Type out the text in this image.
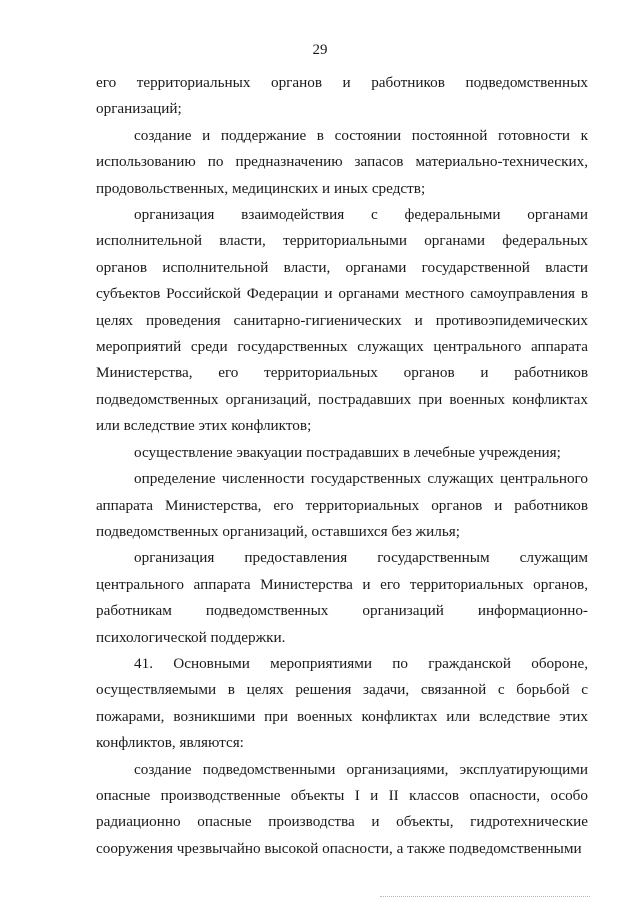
29

его территориальных органов и работников подведомственных организаций;

создание и поддержание в состоянии постоянной готовности к использованию по предназначению запасов материально-технических, продовольственных, медицинских и иных средств;

организация взаимодействия с федеральными органами исполнительной власти, территориальными органами федеральных органов исполнительной власти, органами государственной власти субъектов Российской Федерации и органами местного самоуправления в целях проведения санитарно-гигиенических и противоэпидемических мероприятий среди государственных служащих центрального аппарата Министерства, его территориальных органов и работников подведомственных организаций, пострадавших при военных конфликтах или вследствие этих конфликтов;

осуществление эвакуации пострадавших в лечебные учреждения;

определение численности государственных служащих центрального аппарата Министерства, его территориальных органов и работников подведомственных организаций, оставшихся без жилья;

организация предоставления государственным служащим центрального аппарата Министерства и его территориальных органов, работникам подведомственных организаций информационно-психологической поддержки.

41. Основными мероприятиями по гражданской обороне, осуществляемыми в целях решения задачи, связанной с борьбой с пожарами, возникшими при военных конфликтах или вследствие этих конфликтов, являются:

создание подведомственными организациями, эксплуатирующими опасные производственные объекты I и II классов опасности, особо радиационно опасные производства и объекты, гидротехнические сооружения чрезвычайно высокой опасности, а также подведомственными
